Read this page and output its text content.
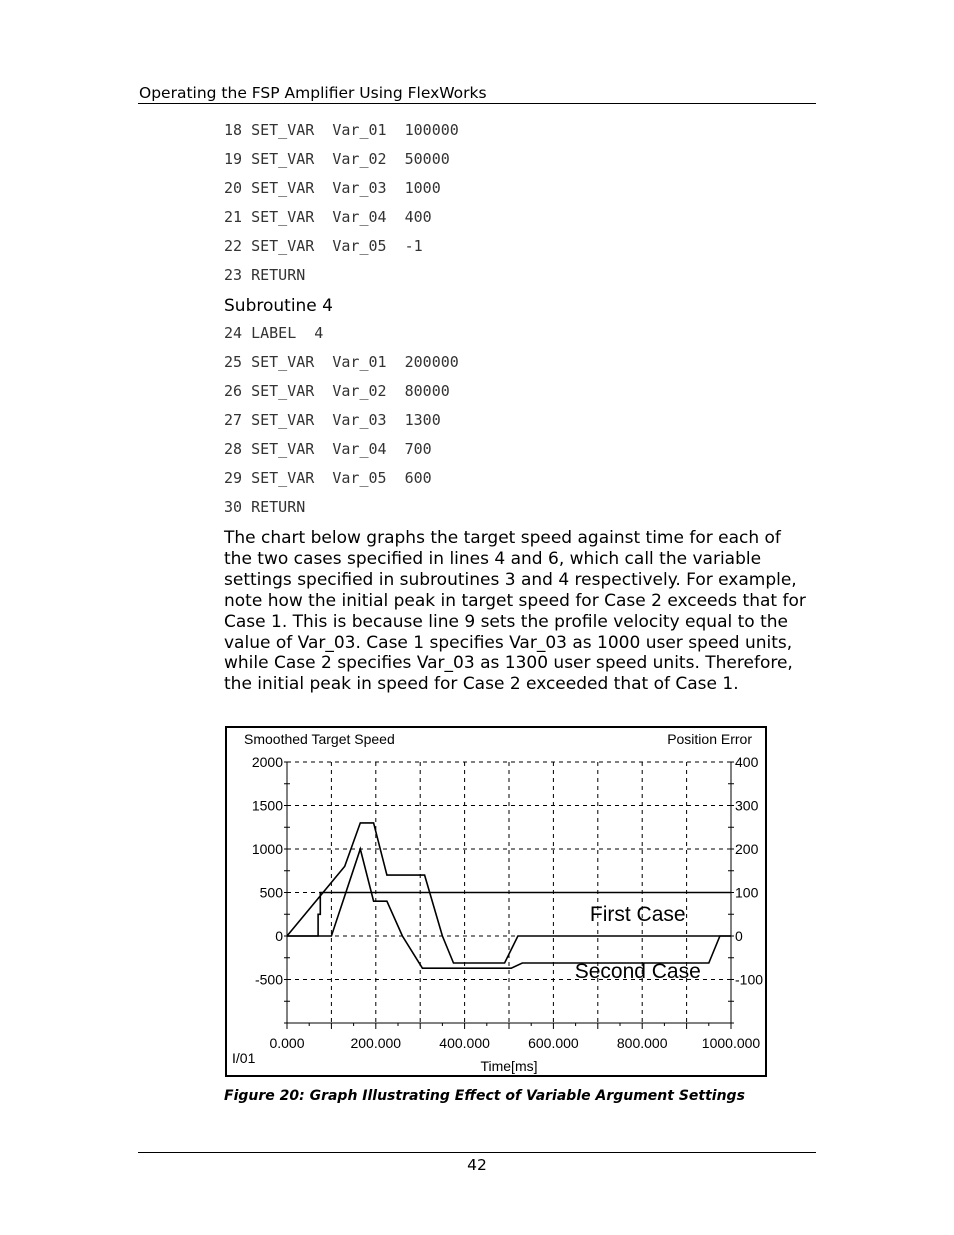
Operating the FSP Amplifier Using FlexWorks
18 SET_VAR  Var_01  100000
19 SET_VAR  Var_02  50000
20 SET_VAR  Var_03  1000
21 SET_VAR  Var_04  400
22 SET_VAR  Var_05  -1
23 RETURN
Subroutine 4
24 LABEL  4
25 SET_VAR  Var_01  200000
26 SET_VAR  Var_02  80000
27 SET_VAR  Var_03  1300
28 SET_VAR  Var_04  700
29 SET_VAR  Var_05  600
30 RETURN
The chart below graphs the target speed against time for each of the two cases specified in lines 4 and 6, which call the variable settings specified in subroutines 3 and 4 respectively. For example, note how the initial peak in target speed for Case 2 exceeds that for Case 1. This is because line 9 sets the profile velocity equal to the value of Var_03. Case 1 specifies Var_03 as 1000 user speed units, while Case 2 specifies Var_03 as 1300 user speed units. Therefore, the initial peak in speed for Case 2 exceeded that of Case 1.
-500
0
500
1000
1500
2000
-100
0
100
200
300
400
0.000	200.000	400.000	600.000	800.000 1000.000
Smoothed Target Speed	Position Error
Time[ms]
I/01
First Case
Second Case
Figure 20: Graph Illustrating Effect of Variable Argument Settings
42
